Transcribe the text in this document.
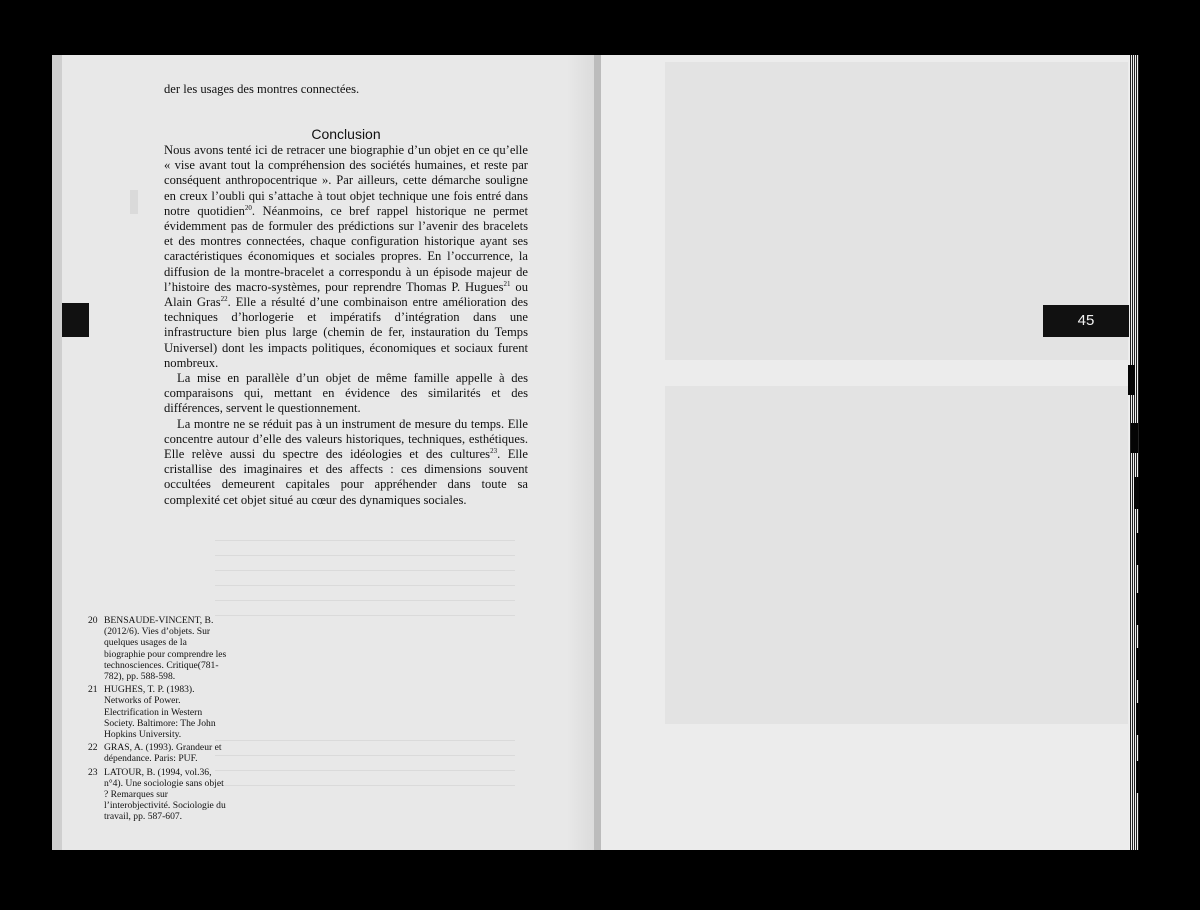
der les usages des montres connectées.
Conclusion

Nous avons tenté ici de retracer une biographie d’un objet en ce qu’elle « vise avant tout la compréhension des sociétés humaines, et reste par conséquent anthropocentrique ». Par ailleurs, cette démarche souligne en creux l’oubli qui s’attache à tout objet technique une fois entré dans notre quotidien$^{20}$. Néanmoins, ce bref rappel historique ne permet évidemment pas de formuler des prédictions sur l’avenir des bracelets et des montres connectées, chaque configuration historique ayant ses caractéristiques économiques et sociales propres. En l’occurrence, la diffusion de la montre-bracelet a correspondu à un épisode majeur de l’histoire des macro-systèmes, pour reprendre Thomas P. Hugues$^{21}$ ou Alain Gras$^{22}$. Elle a résulté d’une combinaison entre amélioration des techniques d’horlogerie et impératifs d’intégration dans une infrastructure bien plus large (chemin de fer, instauration du Temps Universel) dont les impacts politiques, économiques et sociaux furent nombreux.

La mise en parallèle d’un objet de même famille appelle à des comparaisons qui, mettant en évidence des similarités et des différences, servent le questionnement.

La montre ne se réduit pas à un instrument de mesure du temps. Elle concentre autour d’elle des valeurs historiques, techniques, esthétiques. Elle relève aussi du spectre des idéologies et des cultures$^{23}$. Elle cristallise des imaginaires et des affects : ces dimensions souvent occultées demeurent capitales pour appréhender dans toute sa complexité cet objet situé au cœur des dynamiques sociales.

20 BENSAUDE-VINCENT, B. (2012/6). Vies d’objets. Sur quelques usages de la biographie pour comprendre les technosciences. Critique(781-782), pp. 588-598.
21 HUGHES, T. P. (1983). Networks of Power. Electrification in Western Society. Baltimore: The John Hopkins University.
22 GRAS, A. (1993). Grandeur et dépendance. Paris: PUF.
23 LATOUR, B. (1994, vol.36, n°4). Une sociologie sans objet ? Remarques sur l’interobjectivité. Sociologie du travail, pp. 587-607.
45
